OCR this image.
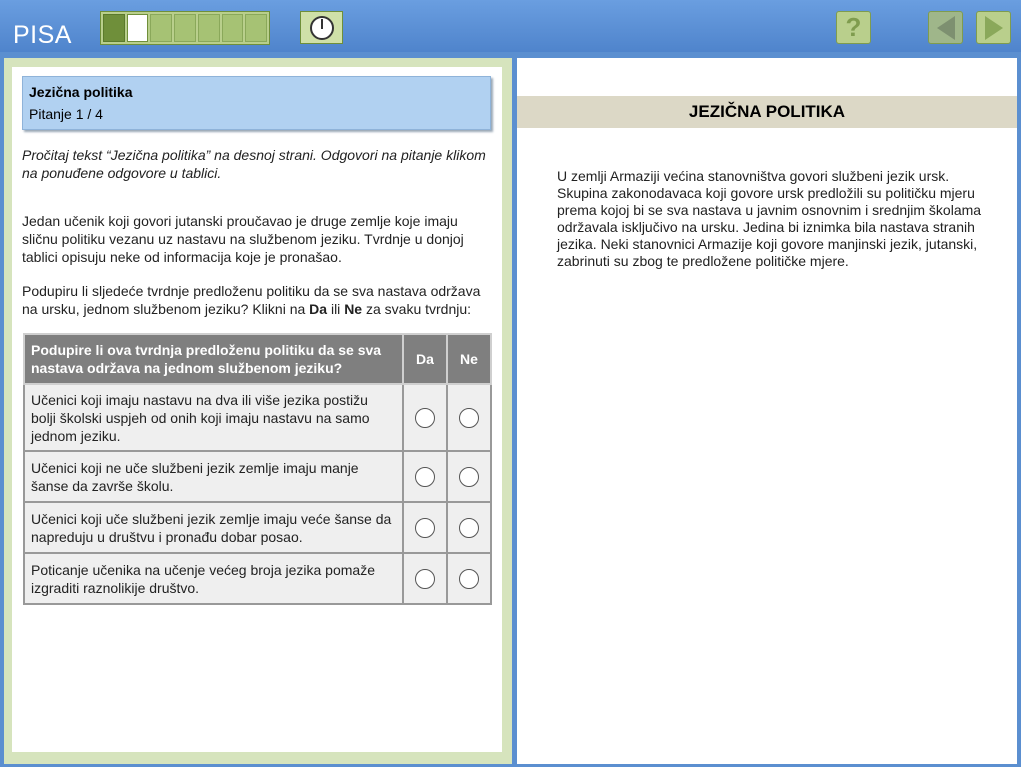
PISA	?
Jezična politika
Pitanje 1 / 4
Pročitaj tekst “Jezična politika” na desnoj strani. Odgovori na pitanje klikom na ponuđene odgovore u tablici.
Jedan učenik koji govori jutanski proučavao je druge zemlje koje imaju sličnu politiku vezanu uz nastavu na službenom jeziku. Tvrdnje u donjoj tablici opisuju neke od informacija koje je pronašao.
Podupiru li sljedeće tvrdnje predloženu politiku da se sva nastava održava na ursku, jednom službenom jeziku? Klikni na Da ili Ne za svaku tvrdnju:
Podupire li ova tvrdnja predloženu politiku da se sva nastava održava na jednom službenom jeziku?	Da	Ne
Učenici koji imaju nastavu na dva ili više jezika postižu bolji školski uspjeh od onih koji imaju nastavu na samo jednom jeziku.		
Učenici koji ne uče službeni jezik zemlje imaju manje šanse da završe školu.		
Učenici koji uče službeni jezik zemlje imaju veće šanse da napreduju u društvu i pronađu dobar posao.		
Poticanje učenika na učenje većeg broja jezika pomaže izgraditi raznolikije društvo.		
JEZIČNA POLITIKA
U zemlji Armaziji većina stanovništva govori službeni jezik ursk. Skupina zakonodavaca koji govore ursk predložili su političku mjeru prema kojoj bi se sva nastava u javnim osnovnim i srednjim školama održavala isključivo na ursku. Jedina bi iznimka bila nastava stranih jezika. Neki stanovnici Armazije koji govore manjinski jezik, jutanski, zabrinuti su zbog te predložene političke mjere.
